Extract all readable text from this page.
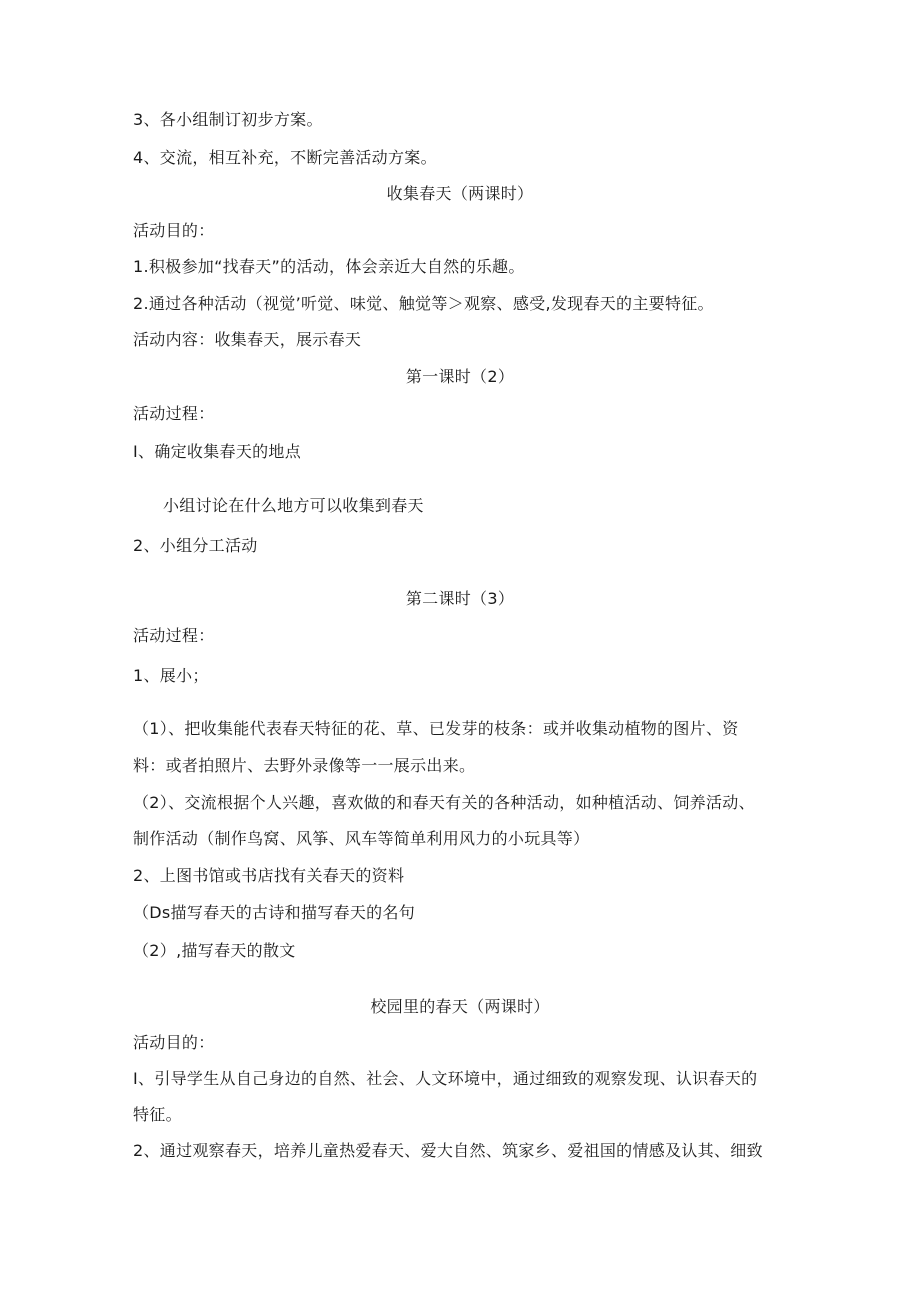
3、各小组制订初步方案。
4、交流，相互补充，不断完善活动方案。
收集春天（两课时）
活动目的：
1.积极参加“找春天”的活动，体会亲近大自然的乐趣。
2.通过各种活动（视觉’听觉、味觉、触觉等＞观察、感受,发现春天的主要特征。
活动内容：收集春天，展示春天
第一课时（2）
活动过程：
I、确定收集春天的地点
小组讨论在什么地方可以收集到春天
2、小组分工活动
第二课时（3）
活动过程：
1、展小；
（1）、把收集能代表春天特征的花、草、已发芽的枝条：或并收集动植物的图片、资
料：或者拍照片、去野外录像等一一展示出来。
（2）、交流根据个人兴趣，喜欢做的和春天有关的各种活动，如种植活动、饲养活动、
制作活动（制作鸟窝、风筝、风车等简单利用风力的小玩具等）
2、上图书馆或书店找有关春天的资料
（Ds描写春天的古诗和描写春天的名句
（2）,描写春天的散文
校园里的春天（两课时）
活动目的：
I、引导学生从自己身边的自然、社会、人文环境中，通过细致的观察发现、认识春天的
特征。
2、通过观察春天，培养儿童热爱春天、爱大自然、筑家乡、爱祖国的情感及认其、细致
